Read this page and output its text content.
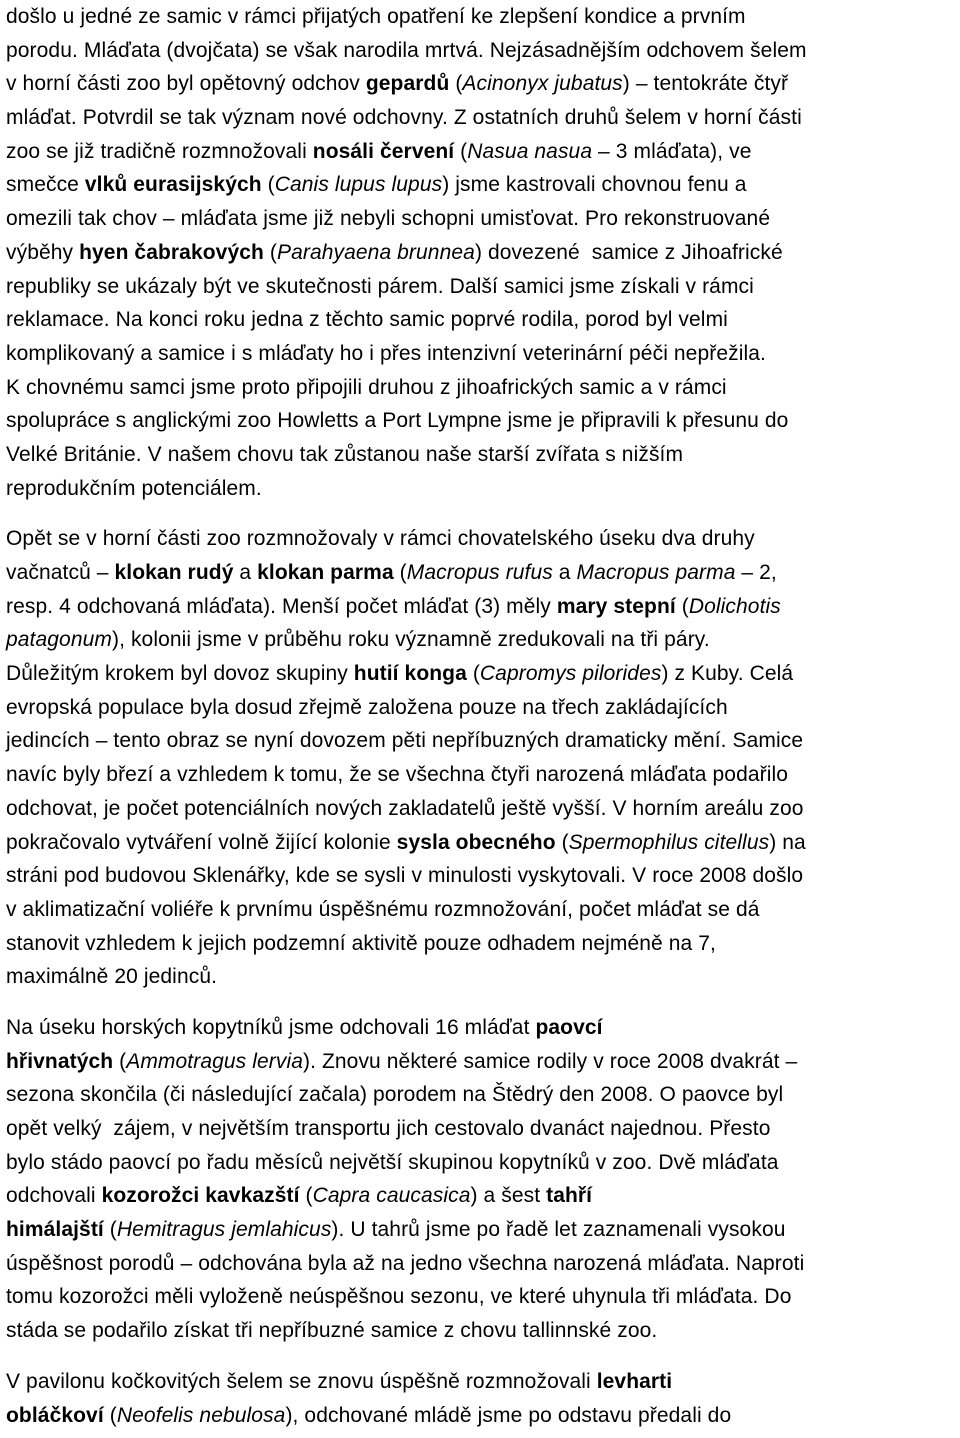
došlo u jedné ze samic v rámci přijatých opatření ke zlepšení kondice a prvním
porodu. Mláďata (dvojčata) se však narodila mrtvá. Nejzásadnějším odchovem šelem
v horní části zoo byl opětovný odchov gepardů (Acinonyx jubatus) – tentokráte čtyř
mláďat. Potvrdil se tak význam nové odchovny. Z ostatních druhů šelem v horní části
zoo se již tradičně rozmnožovali nosáli červení (Nasua nasua – 3 mláďata), ve
smečce vlků eurasijských (Canis lupus lupus) jsme kastrovali chovnou fenu a
omezili tak chov – mláďata jsme již nebyli schopni umisťovat. Pro rekonstruované
výběhy hyen čabrakových (Parahyaena brunnea) dovezené  samice z Jihoafrické
republiky se ukázaly být ve skutečnosti párem. Další samici jsme získali v rámci
reklamace. Na konci roku jedna z těchto samic poprvé rodila, porod byl velmi
komplikovaný a samice i s mláďaty ho i přes intenzivní veterinární péči nepřežila.
K chovnému samci jsme proto připojili druhou z jihoafrických samic a v rámci
spolupráce s anglickými zoo Howletts a Port Lympne jsme je připravili k přesunu do
Velké Británie. V našem chovu tak zůstanou naše starší zvířata s nižším
reprodukčním potenciálem.
Opět se v horní části zoo rozmnožovaly v rámci chovatelského úseku dva druhy
vačnatců – klokan rudý a klokan parma (Macropus rufus a Macropus parma – 2,
resp. 4 odchovaná mláďata). Menší počet mláďat (3) měly mary stepní (Dolichotis
patagonum), kolonii jsme v průběhu roku významně zredukovali na tři páry.
Důležitým krokem byl dovoz skupiny hutií konga (Capromys pilorides) z Kuby. Celá
evropská populace byla dosud zřejmě založena pouze na třech zakládajících
jedincích – tento obraz se nyní dovozem pěti nepříbuzných dramaticky mění. Samice
navíc byly březí a vzhledem k tomu, že se všechna čtyři narozená mláďata podařilo
odchovat, je počet potenciálních nových zakladatelů ještě vyšší. V horním areálu zoo
pokračovalo vytváření volně žijící kolonie sysla obecného (Spermophilus citellus) na
stráni pod budovou Sklenářky, kde se sysli v minulosti vyskytovali. V roce 2008 došlo
v aklimatizační voliéře k prvnímu úspěšnému rozmnožování, počet mláďat se dá
stanovit vzhledem k jejich podzemní aktivitě pouze odhadem nejméně na 7,
maximálně 20 jedinců.
Na úseku horských kopytníků jsme odchovali 16 mláďat paovcí
hřivnatých (Ammotragus lervia). Znovu některé samice rodily v roce 2008 dvakrát –
sezona skončila (či následující začala) porodem na Štědrý den 2008. O paovce byl
opět velký  zájem, v největším transportu jich cestovalo dvanáct najednou. Přesto
bylo stádo paovcí po řadu měsíců největší skupinou kopytníků v zoo. Dvě mláďata
odchovali kozorožci kavkazští (Capra caucasica) a šest tahří
himálajští (Hemitragus jemlahicus). U tahrů jsme po řadě let zaznamenali vysokou
úspěšnost porodů – odchována byla až na jedno všechna narozená mláďata. Naproti
tomu kozorožci měli vyloženě neúspěšnou sezonu, ve které uhynula tři mláďata. Do
stáda se podařilo získat tři nepříbuzné samice z chovu tallinnské zoo.
V pavilonu kočkovitých šelem se znovu úspěšně rozmnožovali levharti
obláčkoví (Neofelis nebulosa), odchované mládě jsme po odstavu předali do
